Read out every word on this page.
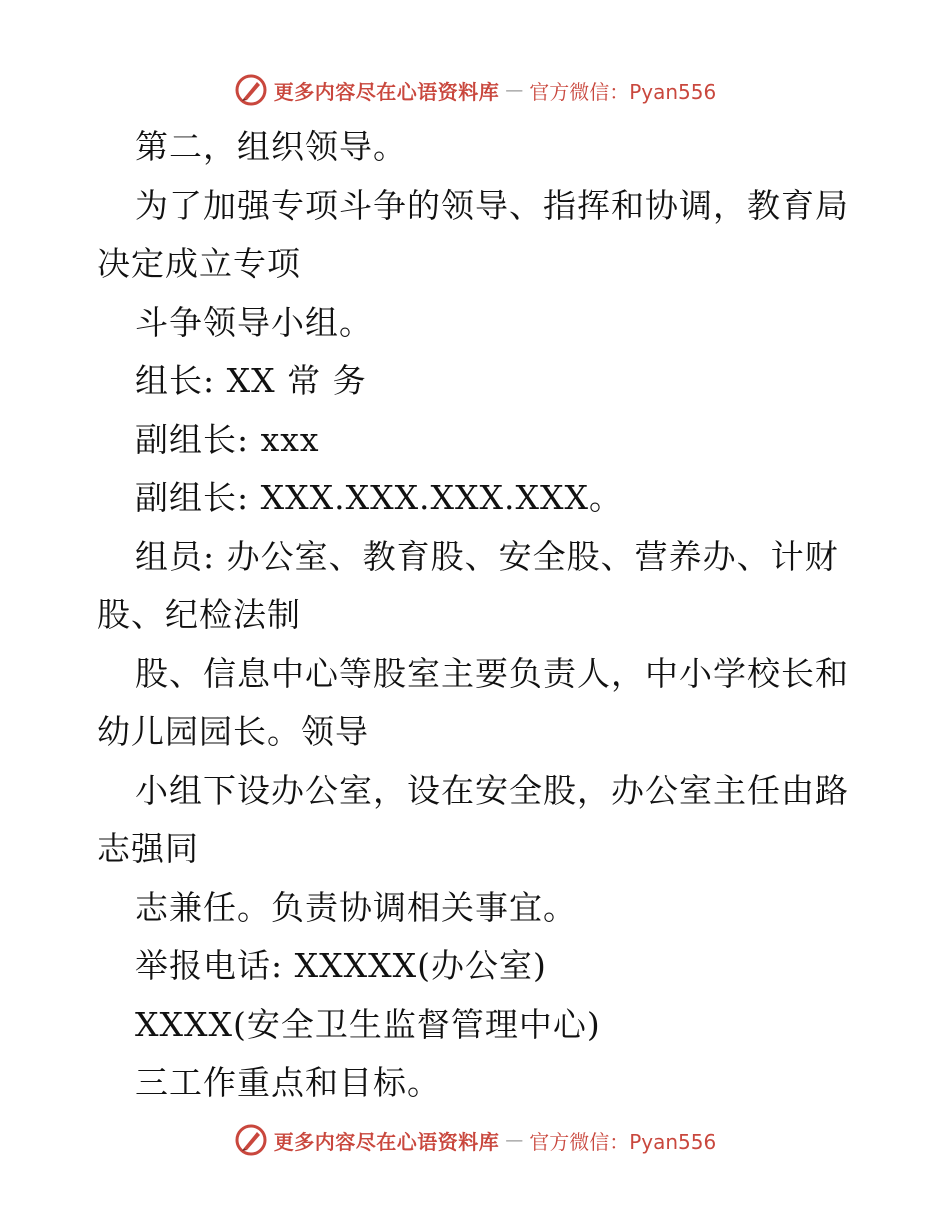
更多内容尽在心语资料库 — 官方微信：Pyan556
第二，组织领导。
为了加强专项斗争的领导、指挥和协调，教育局
决定成立专项
斗争领导小组。
组长: XX 常 务
副组长: xxx
副组长: XXX.XXX.XXX.XXX。
组员: 办公室、教育股、安全股、营养办、计财
股、纪检法制
股、信息中心等股室主要负责人，中小学校长和
幼儿园园长。领导
小组下设办公室，设在安全股，办公室主任由路
志强同
志兼任。负责协调相关事宜。
举报电话: XXXXX(办公室)
XXXX(安全卫生监督管理中心)
三工作重点和目标。
更多内容尽在心语资料库 — 官方微信：Pyan556
